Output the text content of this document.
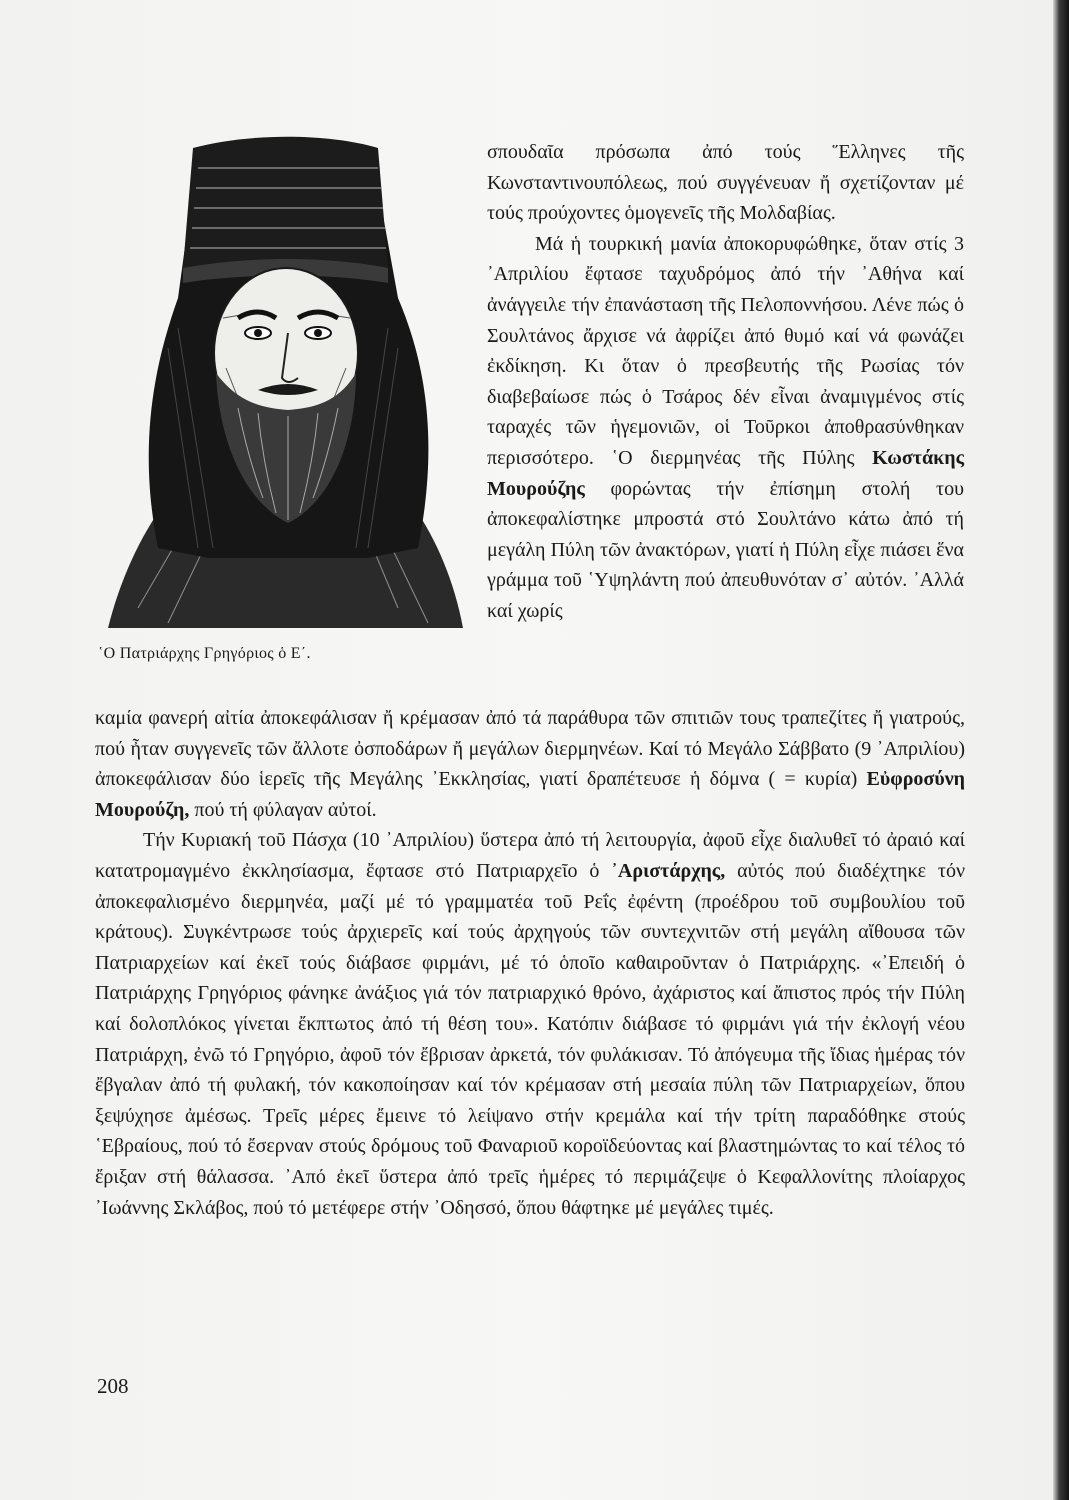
῾Ο Πατριάρχης Γρηγόριος ὁ Ε΄.

σπουδαῖα πρόσωπα ἀπό τούς Ἕλληνες τῆς Κωνσταντινουπόλεως, πού συγγένευαν ἤ σχετίζονταν μέ τούς προύχοντες ὁμογενεῖς τῆς Μολδαβίας.

Μά ἡ τουρκική μανία ἀποκορυφώθηκε, ὅταν στίς 3 ᾿Απριλίου ἔφτασε ταχυδρόμος ἀπό τήν ᾿Αθήνα καί ἀνάγγειλε τήν ἐπανάσταση τῆς Πελοποννήσου. Λένε πώς ὁ Σουλτάνος ἄρχισε νά ἀφρίζει ἀπό θυμό καί νά φωνάζει ἐκδίκηση. Κι ὅταν ὁ πρεσβευτής τῆς Ρωσίας τόν διαβεβαίωσε πώς ὁ Τσάρος δέν εἶναι ἀναμιγμένος στίς ταραχές τῶν ἡγεμονιῶν, οἱ Τοῦρκοι ἀποθρασύνθηκαν περισσότερο. ῾Ο διερμηνέας τῆς Πύλης Κωστάκης Μουρούζης φορώντας τήν ἐπίσημη στολή του ἀποκεφαλίστηκε μπροστά στό Σουλτάνο κάτω ἀπό τή μεγάλη Πύλη τῶν ἀνακτόρων, γιατί ἡ Πύλη εἶχε πιάσει ἕνα γράμμα τοῦ ῾Υψηλάντη πού ἀπευθυνόταν σ᾿ αὐτόν. ᾿Αλλά καί χωρίς

καμία φανερή αἰτία ἀποκεφάλισαν ἤ κρέμασαν ἀπό τά παράθυρα τῶν σπιτιῶν τους τραπεζίτες ἤ γιατρούς, πού ἦταν συγγενεῖς τῶν ἄλλοτε ὀσποδάρων ἤ μεγάλων διερμηνέων. Καί τό Μεγάλο Σάββατο (9 ᾿Απριλίου) ἀποκεφάλισαν δύο ἱερεῖς τῆς Μεγάλης ᾿Εκκλησίας, γιατί δραπέτευσε ἡ δόμνα ( = κυρία) Εὐφροσύνη Μουρούζη, πού τή φύλαγαν αὐτοί.

Τήν Κυριακή τοῦ Πάσχα (10 ᾿Απριλίου) ὕστερα ἀπό τή λειτουργία, ἀφοῦ εἶχε διαλυθεῖ τό ἀραιό καί κατατρομαγμένο ἐκκλησίασμα, ἔφτασε στό Πατριαρχεῖο ὁ ᾿Αριστάρχης, αὐτός πού διαδέχτηκε τόν ἀποκεφαλισμένο διερμηνέα, μαζί μέ τό γραμματέα τοῦ Ρεΐς ἐφέντη (προέδρου τοῦ συμβουλίου τοῦ κράτους). Συγκέντρωσε τούς ἀρχιερεῖς καί τούς ἀρχηγούς τῶν συντεχνιτῶν στή μεγάλη αἴθουσα τῶν Πατριαρχείων καί ἐκεῖ τούς διάβασε φιρμάνι, μέ τό ὁποῖο καθαιροῦνταν ὁ Πατριάρχης. «᾿Επειδή ὁ Πατριάρχης Γρηγόριος φάνηκε ἀνάξιος γιά τόν πατριαρχικό θρόνο, ἀχάριστος καί ἄπιστος πρός τήν Πύλη καί δολοπλόκος γίνεται ἔκπτωτος ἀπό τή θέση του». Κατόπιν διάβασε τό φιρμάνι γιά τήν ἐκλογή νέου Πατριάρχη, ἐνῶ τό Γρηγόριο, ἀφοῦ τόν ἔβρισαν ἀρκετά, τόν φυλάκισαν. Τό ἀπόγευμα τῆς ἴδιας ἡμέρας τόν ἔβγαλαν ἀπό τή φυλακή, τόν κακοποίησαν καί τόν κρέμασαν στή μεσαία πύλη τῶν Πατριαρχείων, ὅπου ξεψύχησε ἀμέσως. Τρεῖς μέρες ἔμεινε τό λείψανο στήν κρεμάλα καί τήν τρίτη παραδόθηκε στούς ῾Εβραίους, πού τό ἔσερναν στούς δρόμους τοῦ Φαναριοῦ κοροϊδεύοντας καί βλαστημώντας το καί τέλος τό ἔριξαν στή θάλασσα. ᾿Από ἐκεῖ ὕστερα ἀπό τρεῖς ἡμέρες τό περιμάζεψε ὁ Κεφαλλονίτης πλοίαρχος ᾿Ιωάννης Σκλάβος, πού τό μετέφερε στήν ᾿Οδησσό, ὅπου θάφτηκε μέ μεγάλες τιμές.

208
